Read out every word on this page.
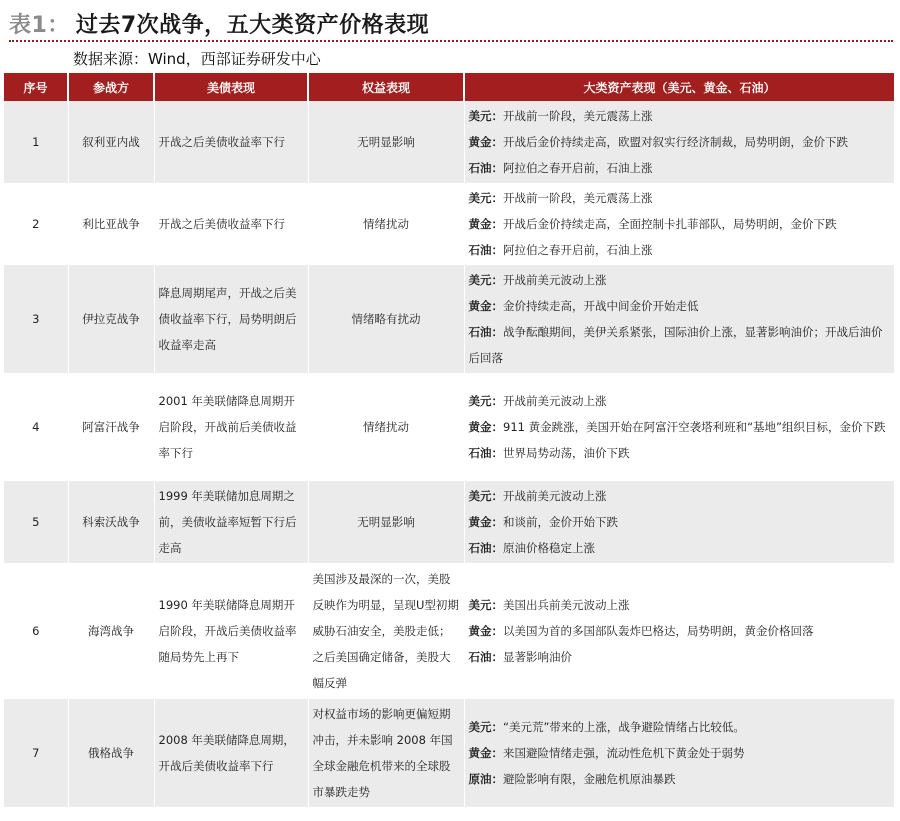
表1： 过去7次战争，五大类资产价格表现
数据来源：Wind，西部证券研发中心
序号	参战方	美债表现	权益表现	大类资产表现（美元、黄金、石油）
1	叙利亚内战	开战之后美债收益率下行	无明显影响	美元：开战前一阶段，美元震荡上涨
黄金：开战后金价持续走高，欧盟对叙实行经济制裁，局势明朗，金价下跌
石油：阿拉伯之春开启前，石油上涨

2	利比亚战争	开战之后美债收益率下行	情绪扰动	美元：开战前一阶段，美元震荡上涨
黄金：开战后金价持续走高，全面控制卡扎菲部队，局势明朗，金价下跌
石油：阿拉伯之春开启前，石油上涨

3	伊拉克战争	降息周期尾声，开战之后美债收益率下行，局势明朗后收益率走高	情绪略有扰动	美元：开战前美元波动上涨
黄金：金价持续走高，开战中间金价开始走低
石油：战争酝酿期间，美伊关系紧张，国际油价上涨，显著影响油价；开战后油价后回落

4	阿富汗战争	2001 年美联储降息周期开启阶段，开战前后美债收益率下行	情绪扰动	美元：开战前美元波动上涨
黄金：911 黄金跳涨，美国开始在阿富汗空袭塔利班和“基地”组织目标，金价下跌
石油：世界局势动荡，油价下跌

5	科索沃战争	1999 年美联储加息周期之前，美债收益率短暂下行后走高	无明显影响	美元：开战前美元波动上涨
黄金：和谈前，金价开始下跌
石油：原油价格稳定上涨

6	海湾战争	1990 年美联储降息周期开启阶段，开战后美债收益率随局势先上再下	美国涉及最深的一次，美股反映作为明显，呈现U型初期威胁石油安全，美股走低；之后美国确定储备，美股大幅反弹	美元：美国出兵前美元波动上涨
黄金：以美国为首的多国部队轰炸巴格达，局势明朗，黄金价格回落
石油：显著影响油价

7	俄格战争	2008 年美联储降息周期，开战后美债收益率下行	对权益市场的影响更偏短期冲击，并未影响 2008 年国全球金融危机带来的全球股市暴跌走势	美元：“美元荒”带来的上涨，战争避险情绪占比较低。
黄金：来国避险情绪走强，流动性危机下黄金处于弱势
原油：避险影响有限，金融危机原油暴跌
